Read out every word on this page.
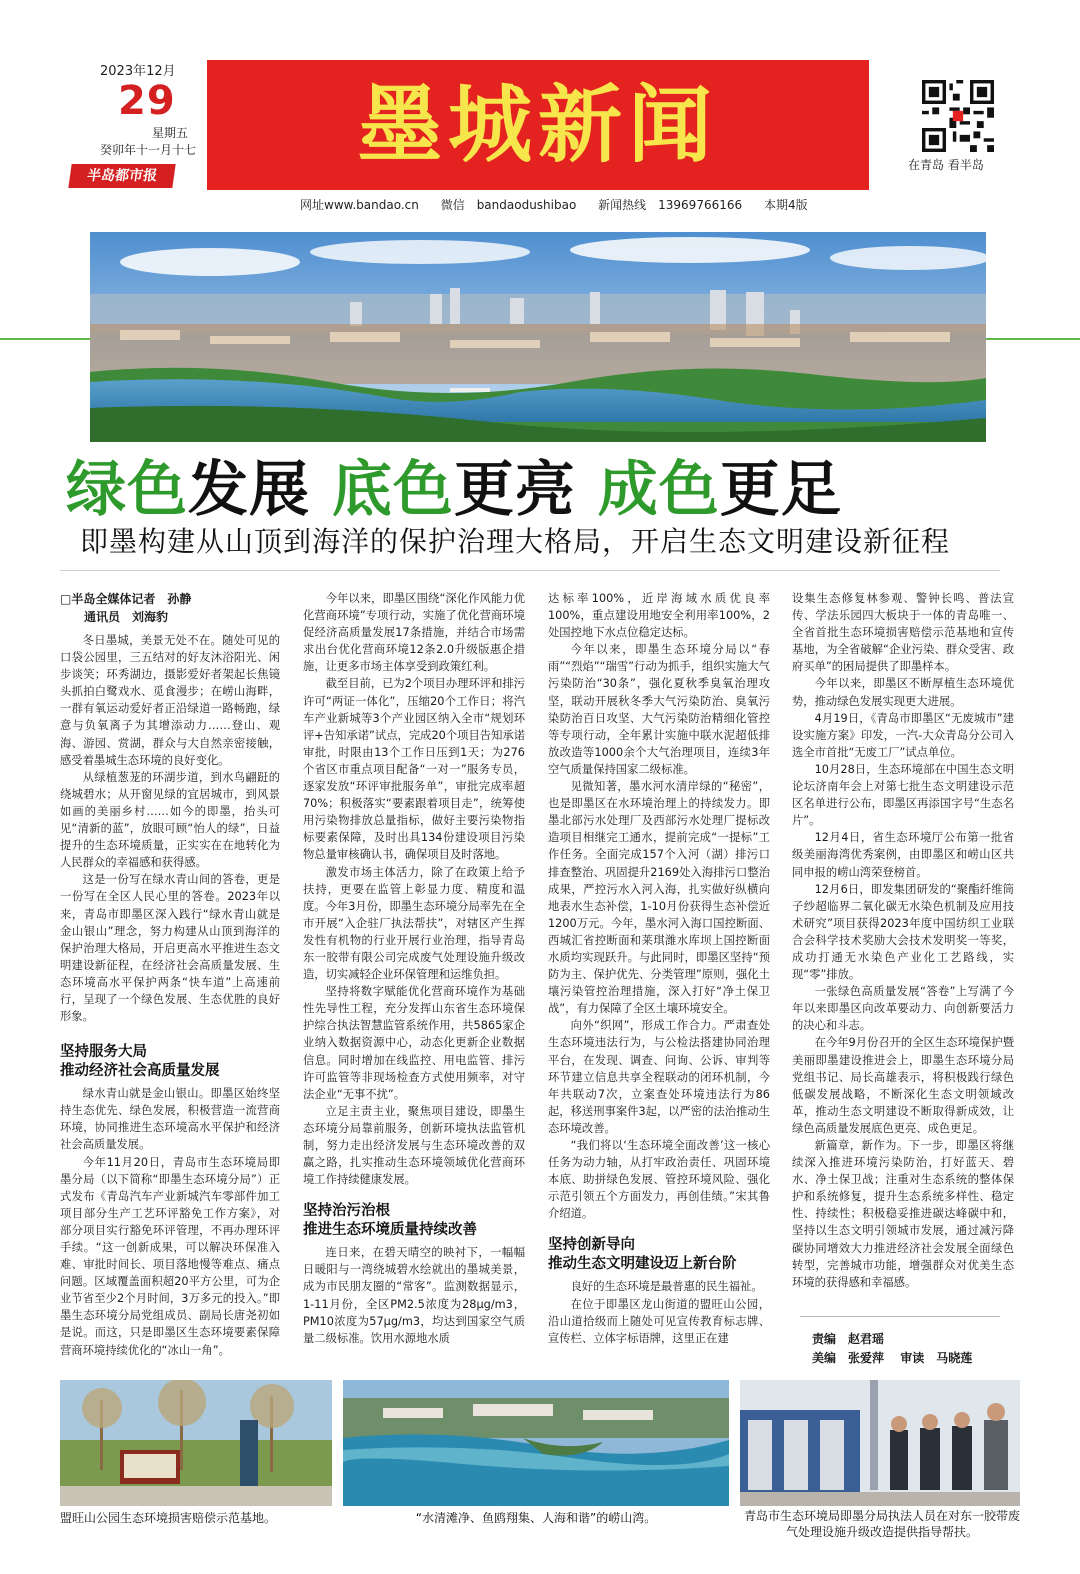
2023年12月
29
星期五
癸卯年十一月十七
半岛都市报
墨城新闻	在青岛 看半岛
网址www.bandao.cn 微信　bandaodushibao 新闻热线　13969766166 本期4版
绿色发展 底色更亮 成色更足
即墨构建从山顶到海洋的保护治理大格局，开启生态文明建设新征程
□半岛全媒体记者　孙静
通讯员　刘海豹

冬日墨城，美景无处不在。随处可见的口袋公园里，三五结对的好友沐浴阳光、闲步谈笑；环秀湖边，摄影爱好者架起长焦镜头抓拍白鹭戏水、觅食漫步；在崂山海畔，一群有氧运动爱好者正沿绿道一路畅跑，绿意与负氧离子为其增添动力……登山、观海、游园、赏湖，群众与大自然亲密接触，感受着墨城生态环境的良好变化。

从绿植葱茏的环湖步道，到水鸟翩跹的绕城碧水；从开窗见绿的宜居城市，到风景如画的美丽乡村……如今的即墨，抬头可见“清新的蓝”，放眼可顾“怡人的绿”，日益提升的生态环境质量，正实实在在地转化为人民群众的幸福感和获得感。

这是一份写在绿水青山间的答卷，更是一份写在全区人民心里的答卷。2023年以来，青岛市即墨区深入践行“绿水青山就是金山银山”理念，努力构建从山顶到海洋的保护治理大格局，开启更高水平推进生态文明建设新征程，在经济社会高质量发展、生态环境高水平保护两条“快车道”上高速前行，呈现了一个绿色发展、生态优胜的良好形象。

坚持服务大局
推动经济社会高质量发展

绿水青山就是金山银山。即墨区始终坚持生态优先、绿色发展，积极营造一流营商环境，协同推进生态环境高水平保护和经济社会高质量发展。

今年11月20日，青岛市生态环境局即墨分局（以下简称“即墨生态环境分局”）正式发布《青岛汽车产业新城汽车零部件加工项目部分生产工艺环评豁免工作方案》，对部分项目实行豁免环评管理，不再办理环评手续。“这一创新成果，可以解决环保准入难、审批时间长、项目落地慢等难点、痛点问题。区域覆盖面积超20平方公里，可为企业节省至少2个月时间，3万多元的投入。”即墨生态环境分局党组成员、副局长唐尧初如是说。而这，只是即墨区生态环境要素保障营商环境持续优化的“冰山一角”。

今年以来，即墨区围绕“深化作风能力优化营商环境”专项行动，实施了优化营商环境促经济高质量发展17条措施，并结合市场需求出台优化营商环境12条2.0升级版惠企措施，让更多市场主体享受到政策红利。

截至目前，已为2个项目办理环评和排污许可“两证一体化”，压缩20个工作日；将汽车产业新城等3个产业园区纳入全市“规划环评+告知承诺”试点，完成20个项目告知承诺审批，时限由13个工作日压到1天；为276个省区市重点项目配备“一对一”服务专员，逐家发放“环评审批服务单”，审批完成率超70%；积极落实“要素跟着项目走”，统筹使用污染物排放总量指标，做好主要污染物指标要素保障，及时出具134份建设项目污染物总量审核确认书，确保项目及时落地。

激发市场主体活力，除了在政策上给予扶持，更要在监管上彰显力度、精度和温度。今年3月份，即墨生态环境分局率先在全市开展“入企驻厂执法帮扶”，对辖区产生挥发性有机物的行业开展行业治理，指导青岛东一胶带有限公司完成废气处理设施升级改造，切实减轻企业环保管理和运维负担。

坚持将数字赋能优化营商环境作为基础性先导性工程，充分发挥山东省生态环境保护综合执法智慧监管系统作用，共5865家企业纳入数据资源中心，动态化更新企业数据信息。同时增加在线监控、用电监管、排污许可监管等非现场检查方式使用频率，对守法企业“无事不扰”。

立足主责主业，聚焦项目建设，即墨生态环境分局靠前服务，创新环境执法监管机制，努力走出经济发展与生态环境改善的双赢之路，扎实推动生态环境领域优化营商环境工作持续健康发展。

坚持治污治根
推进生态环境质量持续改善

连日来，在碧天晴空的映衬下，一幅幅日暖阳与一湾绕城碧水绘就出的墨城美景，成为市民朋友圈的“常客”。监测数据显示，1-11月份，全区PM2.5浓度为28μg/m3，PM10浓度为57μg/m3，均达到国家空气质量二级标准。饮用水源地水质

达标率100%，近岸海域水质优良率100%，重点建设用地安全利用率100%，2处国控地下水点位稳定达标。

今年以来，即墨生态环境分局以“春雨”“烈焰”“瑞雪”行动为抓手，组织实施大气污染防治“30条”，强化夏秋季臭氧治理攻坚，联动开展秋冬季大气污染防治、臭氧污染防治百日攻坚、大气污染防治精细化管控等专项行动，全年累计实施中联水泥超低排放改造等1000余个大气治理项目，连续3年空气质量保持国家二级标准。

见微知著，墨水河水清岸绿的“秘密”，也是即墨区在水环境治理上的持续发力。即墨北部污水处理厂及西部污水处理厂提标改造项目相继完工通水，提前完成“一提标”工作任务。全面完成157个入河（湖）排污口排查整治、巩固提升2169处入海排污口整治成果，严控污水入河入海，扎实做好纵横向地表水生态补偿，1-10月份获得生态补偿近1200万元。今年，墨水河入海口国控断面、西城汇省控断面和莱琪潍水库坝上国控断面水质均实现跃升。与此同时，即墨区坚持“预防为主、保护优先、分类管理”原则，强化土壤污染管控治理措施，深入打好“净土保卫战”，有力保障了全区土壤环境安全。

向外“织网”，形成工作合力。严肃查处生态环境违法行为，与公检法搭建协同治理平台，在发现、调查、问询、公诉、审判等环节建立信息共享全程联动的闭环机制，今年共联动7次，立案查处环境违法行为86起，移送刑事案件3起，以严密的法治推动生态环境改善。

“我们将以‘生态环境全面改善’这一核心任务为动力轴，从打牢政治责任、巩固环境本底、助拼绿色发展、管控环境风险、强化示范引领五个方面发力，再创佳绩。”宋其鲁介绍道。

坚持创新导向
推动生态文明建设迈上新台阶

良好的生态环境是最普惠的民生福祉。

在位于即墨区龙山街道的盟旺山公园，沿山道拾级而上随处可见宣传教育标志牌、宣传栏、立体字标语牌，这里正在建

设集生态修复林参观、警钟长鸣、普法宣传、学法乐园四大板块于一体的青岛唯一、全省首批生态环境损害赔偿示范基地和宣传基地，为全省破解“企业污染、群众受害、政府买单”的困局提供了即墨样本。

今年以来，即墨区不断厚植生态环境优势，推动绿色发展实现更大进展。

4月19日，《青岛市即墨区“无废城市”建设实施方案》印发，一汽-大众青岛分公司入选全市首批“无废工厂”试点单位。

10月28日，生态环境部在中国生态文明论坛济南年会上对第七批生态文明建设示范区名单进行公布，即墨区再添国字号“生态名片”。

12月4日，省生态环境厅公布第一批省级美丽海湾优秀案例，由即墨区和崂山区共同申报的崂山湾荣登榜首。

12月6日，即发集团研发的“聚酯纤维筒子纱超临界二氧化碳无水染色机制及应用技术研究”项目获得2023年度中国纺织工业联合会科学技术奖励大会技术发明奖一等奖，成功打通无水染色产业化工艺路线，实现“零”排放。

一张绿色高质量发展“答卷”上写满了今年以来即墨区向改革要动力、向创新要活力的决心和斗志。

在今年9月份召开的全区生态环境保护暨美丽即墨建设推进会上，即墨生态环境分局党组书记、局长高雄表示，将积极践行绿色低碳发展战略，不断深化生态文明领域改革，推动生态文明建设不断取得新成效，让绿色高质量发展底色更亮、成色更足。

新篇章，新作为。下一步，即墨区将继续深入推进环境污染防治，打好蓝天、碧水、净土保卫战；注重对生态系统的整体保护和系统修复，提升生态系统多样性、稳定性、持续性；积极稳妥推进碳达峰碳中和，坚持以生态文明引领城市发展，通过减污降碳协同增效大力推进经济社会发展全面绿色转型，完善城市功能，增强群众对优美生态环境的获得感和幸福感。

责编　赵君瑶
美编　张爱萍 审读　马晓莲
盟旺山公园生态环境损害赔偿示范基地。	“水清滩净、鱼鸥翔集、人海和谐”的崂山湾。	青岛市生态环境局即墨分局执法人员在对东一胶带废气处理设施升级改造提供指导帮扶。
